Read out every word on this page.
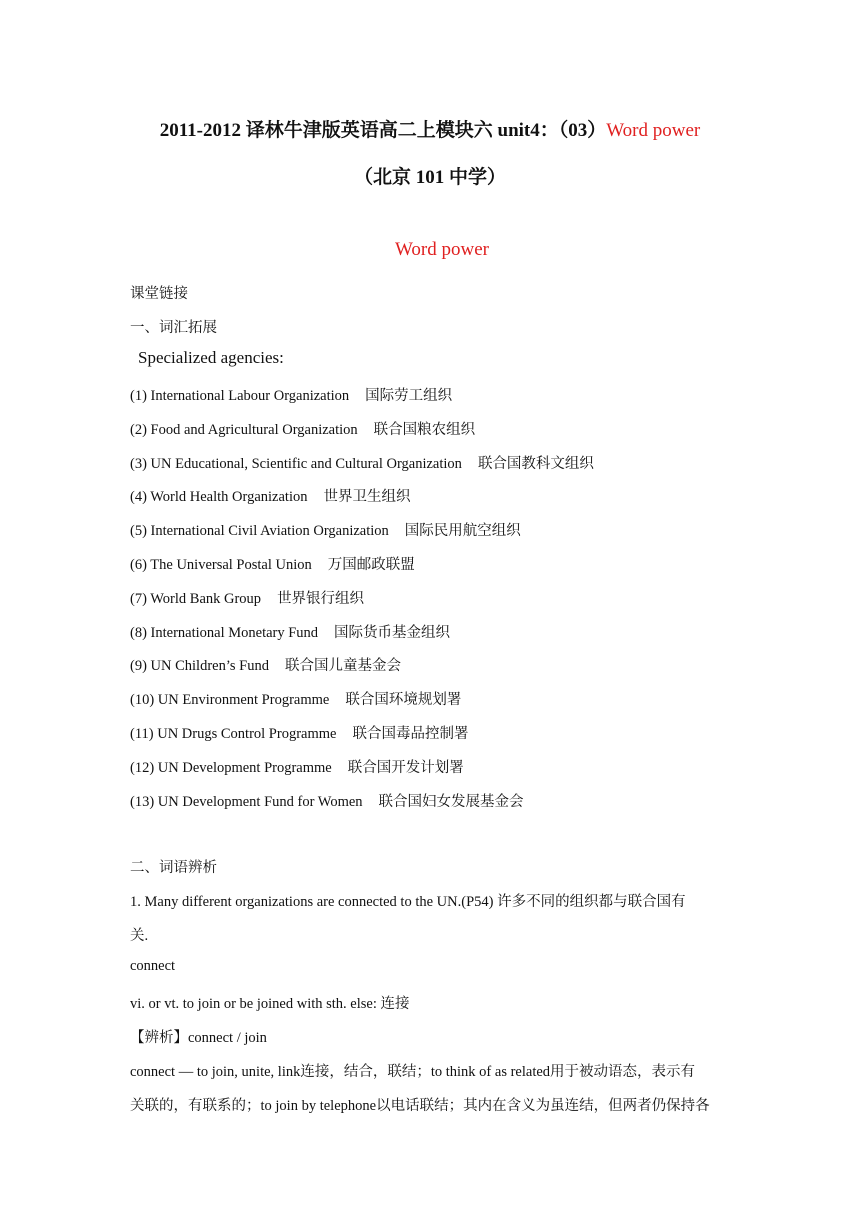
2011-2012 译林牛津版英语高二上模块六 unit4：（03）Word power
（北京 101 中学）
Word power
课堂链接
一、词汇拓展
Specialized agencies:
(1) International Labour Organization 国际劳工组织
(2) Food and Agricultural Organization 联合国粮农组织
(3) UN Educational, Scientific and Cultural Organization 联合国教科文组织
(4) World Health Organization 世界卫生组织
(5) International Civil Aviation Organization 国际民用航空组织
(6) The Universal Postal Union 万国邮政联盟
(7) World Bank Group 世界银行组织
(8) International Monetary Fund 国际货币基金组织
(9) UN Children’s Fund 联合国儿童基金会
(10) UN Environment Programme 联合国环境规划署
(11) UN Drugs Control Programme 联合国毒品控制署
(12) UN Development Programme 联合国开发计划署
(13) UN Development Fund for Women 联合国妇女发展基金会
二、词语辨析
1. Many different organizations are connected to the UN.(P54) 许多不同的组织都与联合国有
关.
connect
vi. or vt. to join or be joined with sth. else: 连接
【辨析】connect / join
connect — to join, unite, link连接，结合，联结；to think of as related用于被动语态，表示有
关联的，有联系的；to join by telephone以电话联结；其内在含义为虽连结，但两者仍保持各
